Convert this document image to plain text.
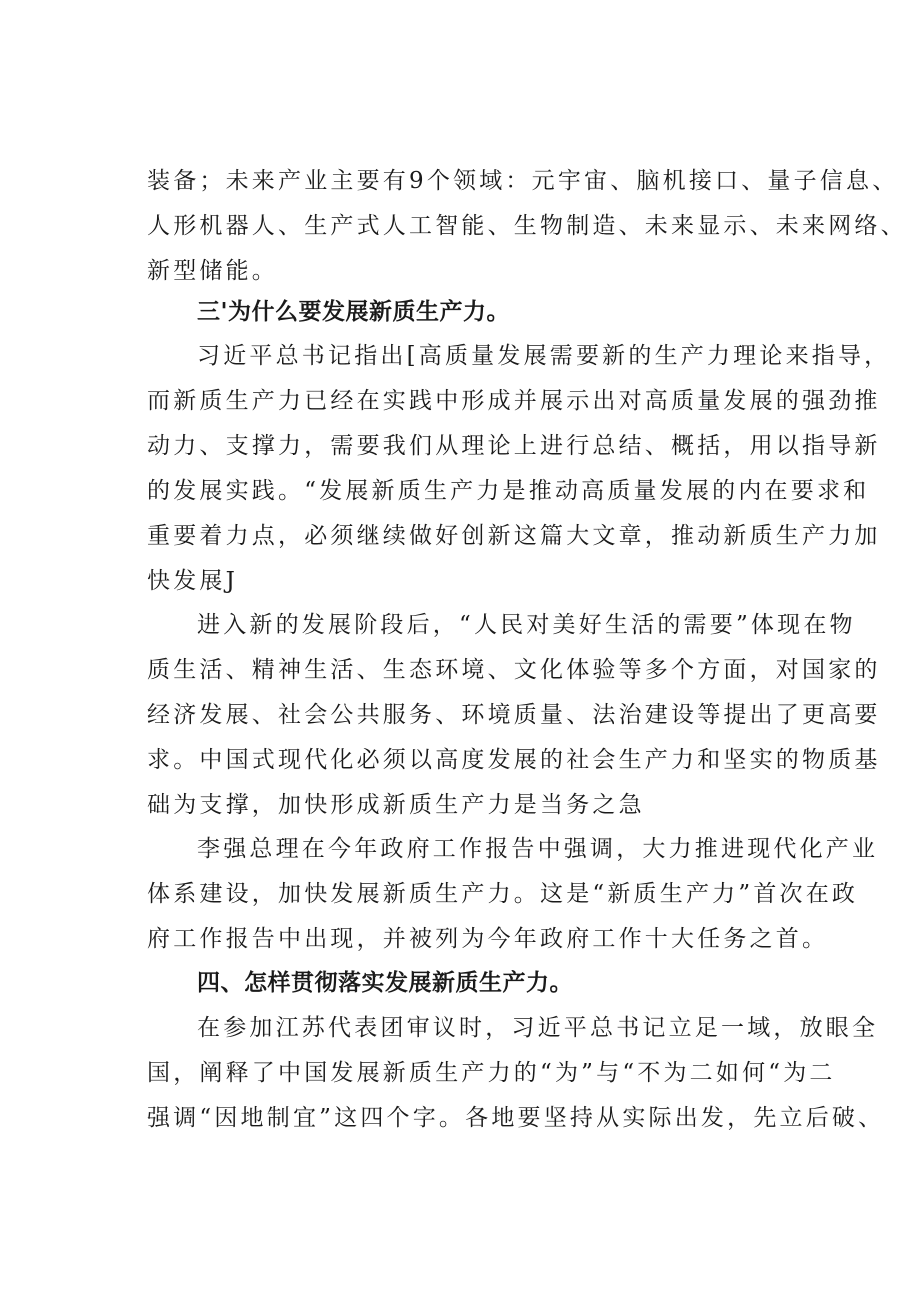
装备；未来产业主要有9个领域：元宇宙、脑机接口、量子信息、
人形机器人、生产式人工智能、生物制造、未来显示、未来网络、
新型储能。
三'为什么要发展新质生产力。
习近平总书记指出[高质量发展需要新的生产力理论来指导，
而新质生产力已经在实践中形成并展示出对高质量发展的强劲推
动力、支撑力，需要我们从理论上进行总结、概括，用以指导新
的发展实践。“发展新质生产力是推动高质量发展的内在要求和
重要着力点，必须继续做好创新这篇大文章，推动新质生产力加
快发展J
进入新的发展阶段后，“人民对美好生活的需要”体现在物
质生活、精神生活、生态环境、文化体验等多个方面，对国家的
经济发展、社会公共服务、环境质量、法治建设等提出了更高要
求。中国式现代化必须以高度发展的社会生产力和坚实的物质基
础为支撑，加快形成新质生产力是当务之急
李强总理在今年政府工作报告中强调，大力推进现代化产业
体系建设，加快发展新质生产力。这是“新质生产力”首次在政
府工作报告中出现，并被列为今年政府工作十大任务之首。
四、怎样贯彻落实发展新质生产力。
在参加江苏代表团审议时，习近平总书记立足一域，放眼全
国，阐释了中国发展新质生产力的“为”与“不为二如何“为二
强调“因地制宜”这四个字。各地要坚持从实际出发，先立后破、
